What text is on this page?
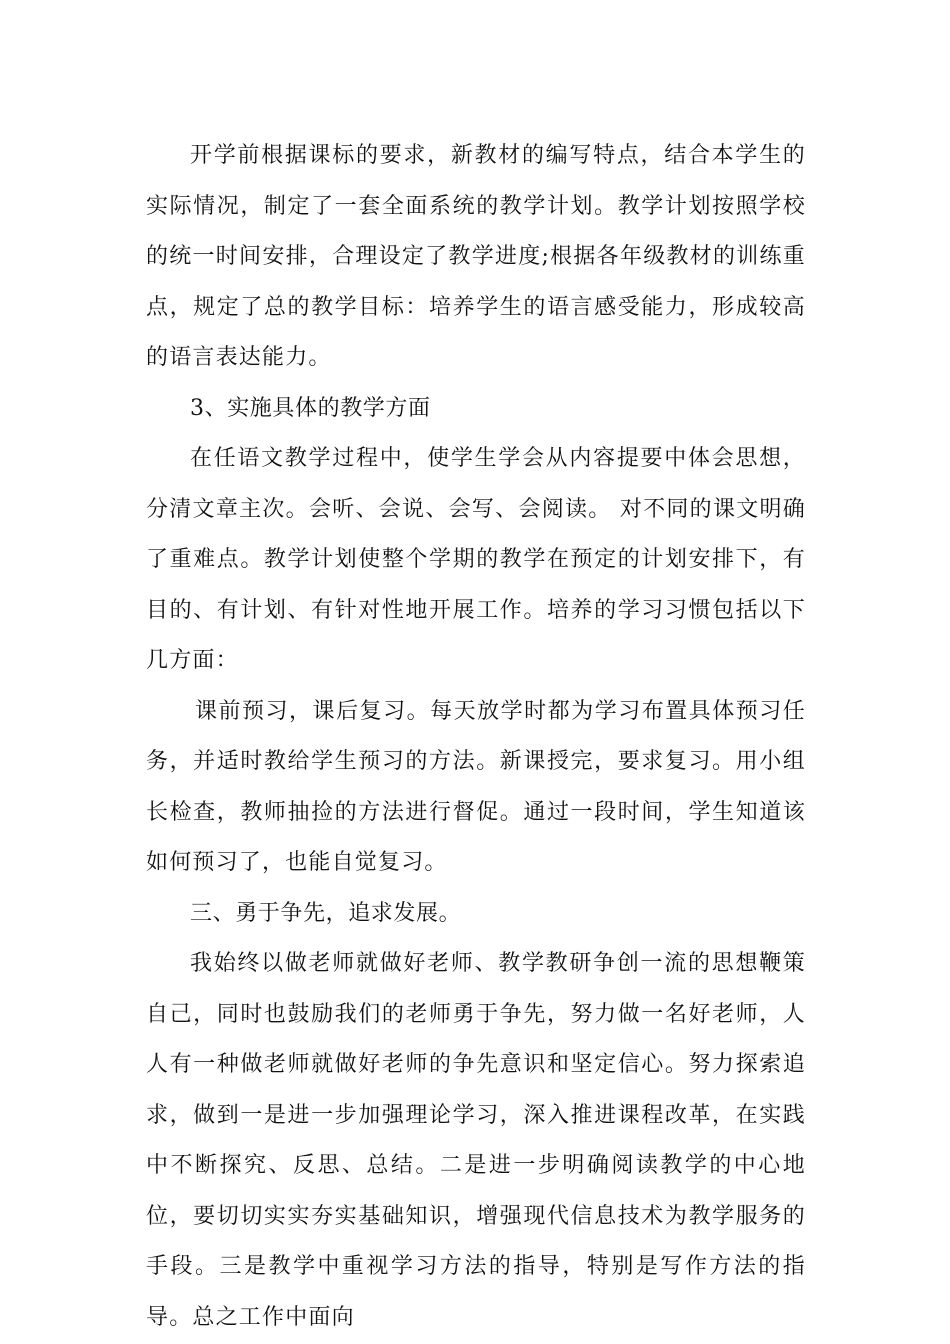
开学前根据课标的要求，新教材的编写特点，结合本学生的实际情况，制定了一套全面系统的教学计划。教学计划按照学校的统一时间安排，合理设定了教学进度;根据各年级教材的训练重点，规定了总的教学目标：培养学生的语言感受能力，形成较高的语言表达能力。

3、实施具体的教学方面

在任语文教学过程中，使学生学会从内容提要中体会思想，分清文章主次。会听、会说、会写、会阅读。 对不同的课文明确了重难点。教学计划使整个学期的教学在预定的计划安排下，有目的、有计划、有针对性地开展工作。培养的学习习惯包括以下几方面：

课前预习，课后复习。每天放学时都为学习布置具体预习任务，并适时教给学生预习的方法。新课授完，要求复习。用小组长检查，教师抽捡的方法进行督促。通过一段时间，学生知道该如何预习了，也能自觉复习。

三、勇于争先，追求发展。

我始终以做老师就做好老师、教学教研争创一流的思想鞭策自己，同时也鼓励我们的老师勇于争先，努力做一名好老师，人人有一种做老师就做好老师的争先意识和坚定信心。努力探索追求，做到一是进一步加强理论学习，深入推进课程改革，在实践中不断探究、反思、总结。二是进一步明确阅读教学的中心地位，要切切实实夯实基础知识，增强现代信息技术为教学服务的手段。三是教学中重视学习方法的指导，特别是写作方法的指导。总之工作中面向
